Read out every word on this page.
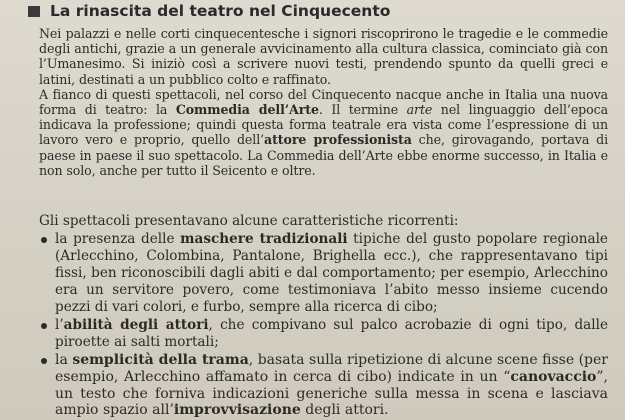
La rinascita del teatro nel Cinquecento

Nei palazzi e nelle corti cinquecentesche i signori riscoprirono le tragedie e le commedie degli antichi, grazie a un generale avvicinamento alla cultura classica, cominciato già con l’Umanesimo. Si iniziò così a scrivere nuovi testi, prendendo spunto da quelli greci e latini, destinati a un pubblico colto e raffinato.

A fianco di questi spettacoli, nel corso del Cinquecento nacque anche in Italia una nuova forma di teatro: la Commedia dell’Arte. Il termine arte nel linguaggio dell’epoca indicava la professione; quindi questa forma teatrale era vista come l’espressione di un lavoro vero e proprio, quello dell’attore professionista che, girovagando, portava di paese in paese il suo spettacolo. La Commedia dell’Arte ebbe enorme successo, in Italia e non solo, anche per tutto il Seicento e oltre.

Gli spettacoli presentavano alcune caratteristiche ricorrenti:

la presenza delle maschere tradizionali tipiche del gusto popolare regionale (Arlecchino, Colombina, Pantalone, Brighella ecc.), che rappresentavano tipi fissi, ben riconoscibili dagli abiti e dal comportamento; per esempio, Arlecchino era un servitore povero, come testimoniava l’abito messo insieme cucendo pezzi di vari colori, e furbo, sempre alla ricerca di cibo;
l’abilità degli attori, che compivano sul palco acrobazie di ogni tipo, dalle piroette ai salti mortali;
la semplicità della trama, basata sulla ripetizione di alcune scene fisse (per esempio, Arlecchino affamato in cerca di cibo) indicate in un “canovaccio”, un testo che forniva indicazioni generiche sulla messa in scena e lasciava ampio spazio all’improvvisazione degli attori.
